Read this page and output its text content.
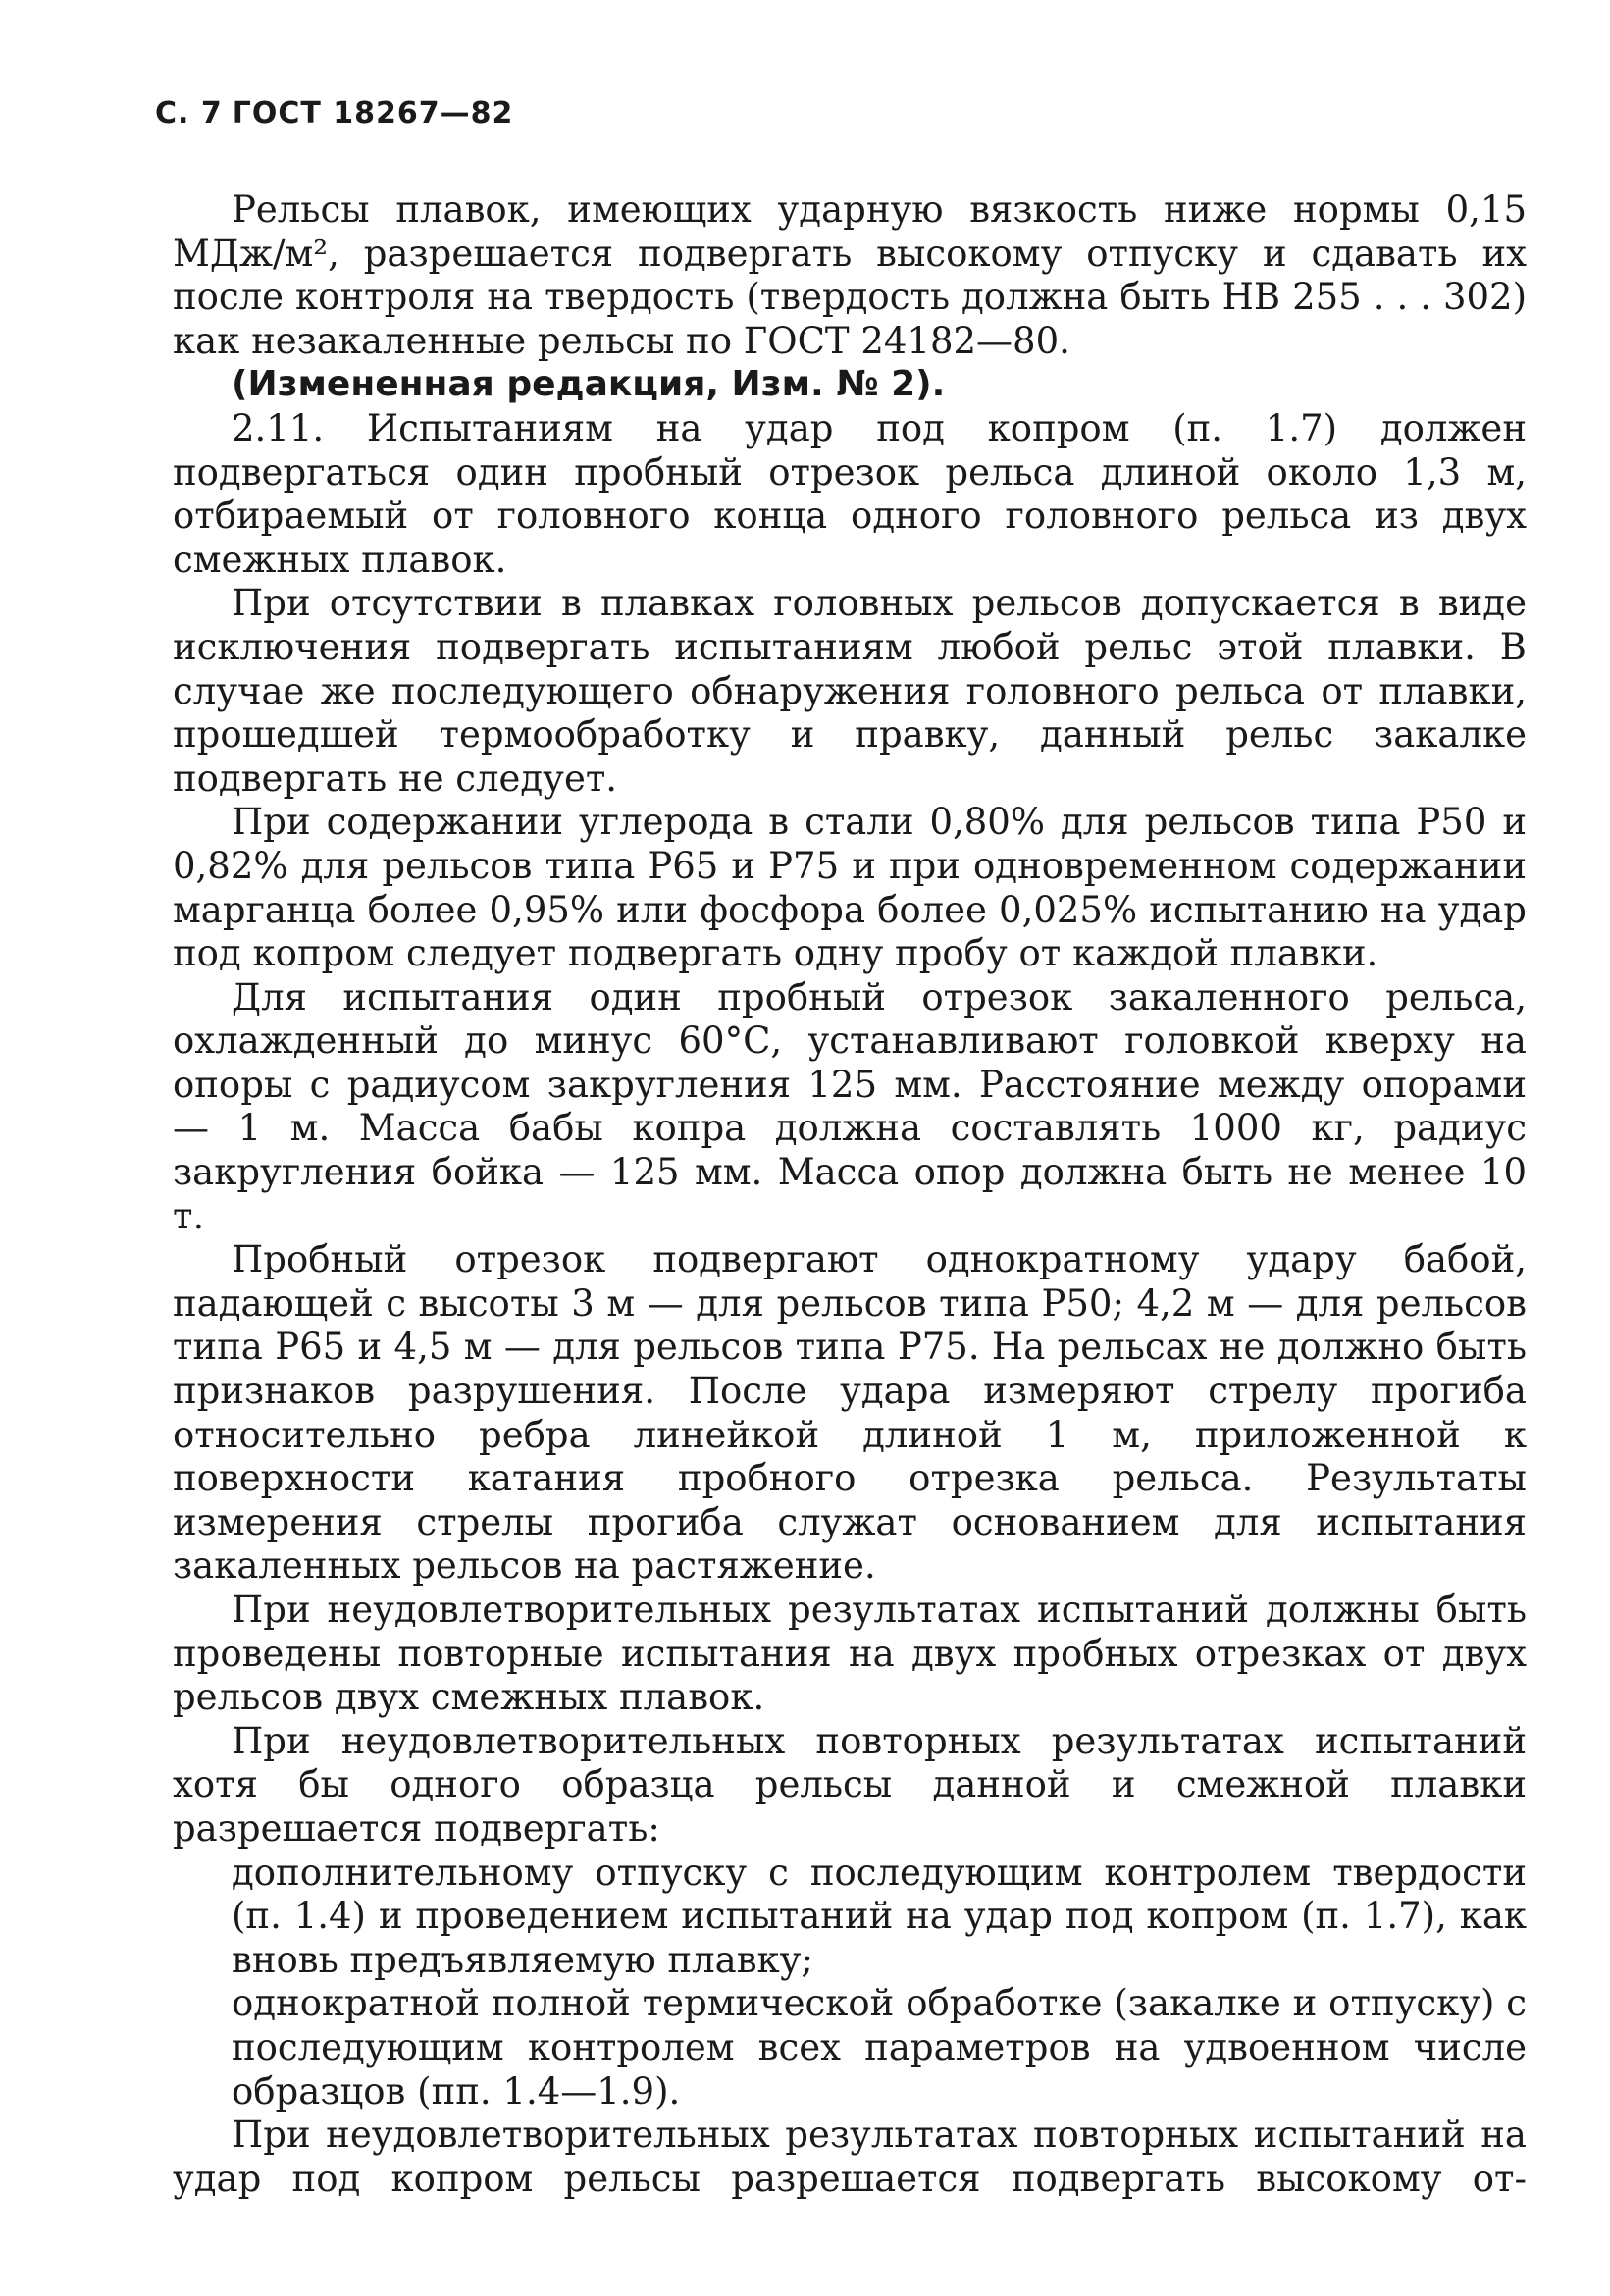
С. 7 ГОСТ 18267—82

Рельсы плавок, имеющих ударную вязкость ниже нормы 0,15 МДж/м², разрешается подвергать высокому отпуску и сдавать их после контроля на твердость (твердость должна быть НВ 255 . . . 302) как незакаленные рельсы по ГОСТ 24182—80.

(Измененная редакция, Изм. № 2).

2.11. Испытаниям на удар под копром (п. 1.7) должен подвергаться один пробный отрезок рельса длиной около 1,3 м, отбираемый от головного конца одного головного рельса из двух смежных плавок.

При отсутствии в плавках головных рельсов допускается в виде исключения подвергать испытаниям любой рельс этой плавки. В случае же последующего обнаружения головного рельса от плавки, прошедшей термообработку и правку, данный рельс закалке подвергать не следует.

При содержании углерода в стали 0,80% для рельсов типа Р50 и 0,82% для рельсов типа Р65 и Р75 и при одновременном содержании марганца более 0,95% или фосфора более 0,025% испытанию на удар под копром следует подвергать одну пробу от каждой плавки.

Для испытания один пробный отрезок закаленного рельса, охлажденный до минус 60°С, устанавливают головкой кверху на опоры с радиусом закругления 125 мм. Расстояние между опорами — 1 м. Масса бабы копра должна составлять 1000 кг, радиус закругления бойка — 125 мм. Масса опор должна быть не менее 10 т.

Пробный отрезок подвергают однократному удару бабой, падающей с высоты 3 м — для рельсов типа Р50; 4,2 м — для рельсов типа Р65 и 4,5 м — для рельсов типа Р75. На рельсах не должно быть признаков разрушения. После удара измеряют стрелу прогиба относительно ребра линейкой длиной 1 м, приложенной к поверхности катания пробного отрезка рельса. Результаты измерения стрелы прогиба служат основанием для испытания закаленных рельсов на растяжение.

При неудовлетворительных результатах испытаний должны быть проведены повторные испытания на двух пробных отрезках от двух рельсов двух смежных плавок.

При неудовлетворительных повторных результатах испытаний хотя бы одного образца рельсы данной и смежной плавки разрешается подвергать:

дополнительному отпуску с последующим контролем твердости (п. 1.4) и проведением испытаний на удар под копром (п. 1.7), как вновь предъявляемую плавку;

однократной полной термической обработке (закалке и отпуску) с последующим контролем всех параметров на удвоенном числе образцов (пп. 1.4—1.9).

При неудовлетворительных результатах повторных испытаний на удар под копром рельсы разрешается подвергать высокому от-
